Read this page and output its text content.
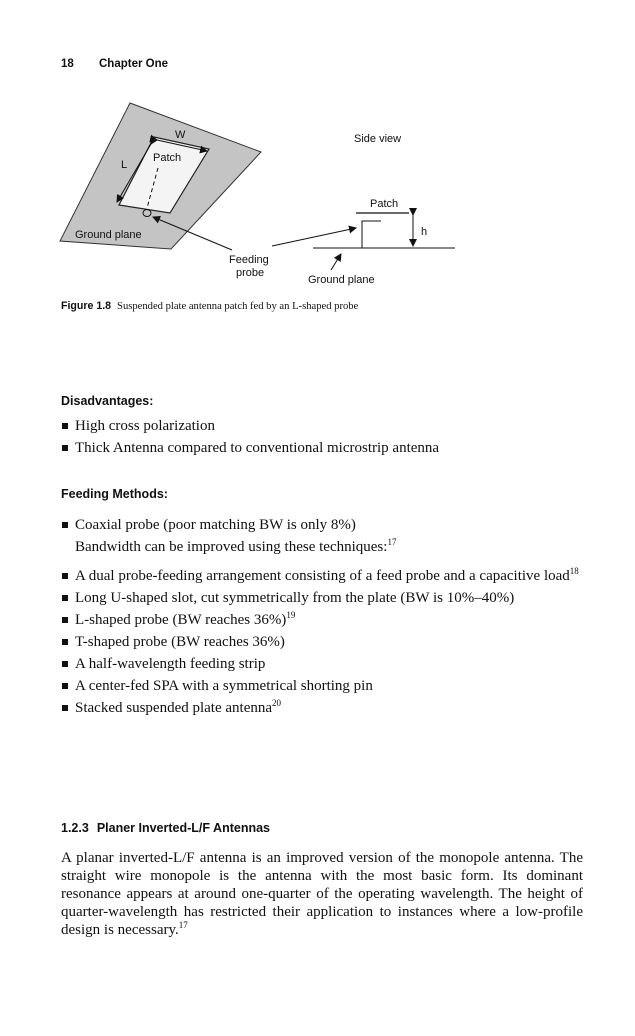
18 Chapter One
W
L
Patch
Ground plane
Side view
Patch
h
Feeding
probe
Ground plane
Figure 1.8 Suspended plate antenna patch fed by an L-shaped probe
Disadvantages:
High cross polarization
Thick Antenna compared to conventional microstrip antenna
Feeding Methods:
Coaxial probe (poor matching BW is only 8%)
Bandwidth can be improved using these techniques:$^{17}$
A dual probe-feeding arrangement consisting of a feed probe and a capacitive load$^{18}$
Long U-shaped slot, cut symmetrically from the plate (BW is 10%–40%)
L-shaped probe (BW reaches 36%)$^{19}$
T-shaped probe (BW reaches 36%)
A half-wavelength feeding strip
A center-fed SPA with a symmetrical shorting pin
Stacked suspended plate antenna$^{20}$
1.2.3 Planer Inverted-L/F Antennas

A planar inverted-L/F antenna is an improved version of the monopole antenna. The straight wire monopole is the antenna with the most basic form. Its dominant resonance appears at around one-quarter of the operating wavelength. The height of quarter-wavelength has restricted their application to instances where a low-profile design is necessary.$^{17}$
